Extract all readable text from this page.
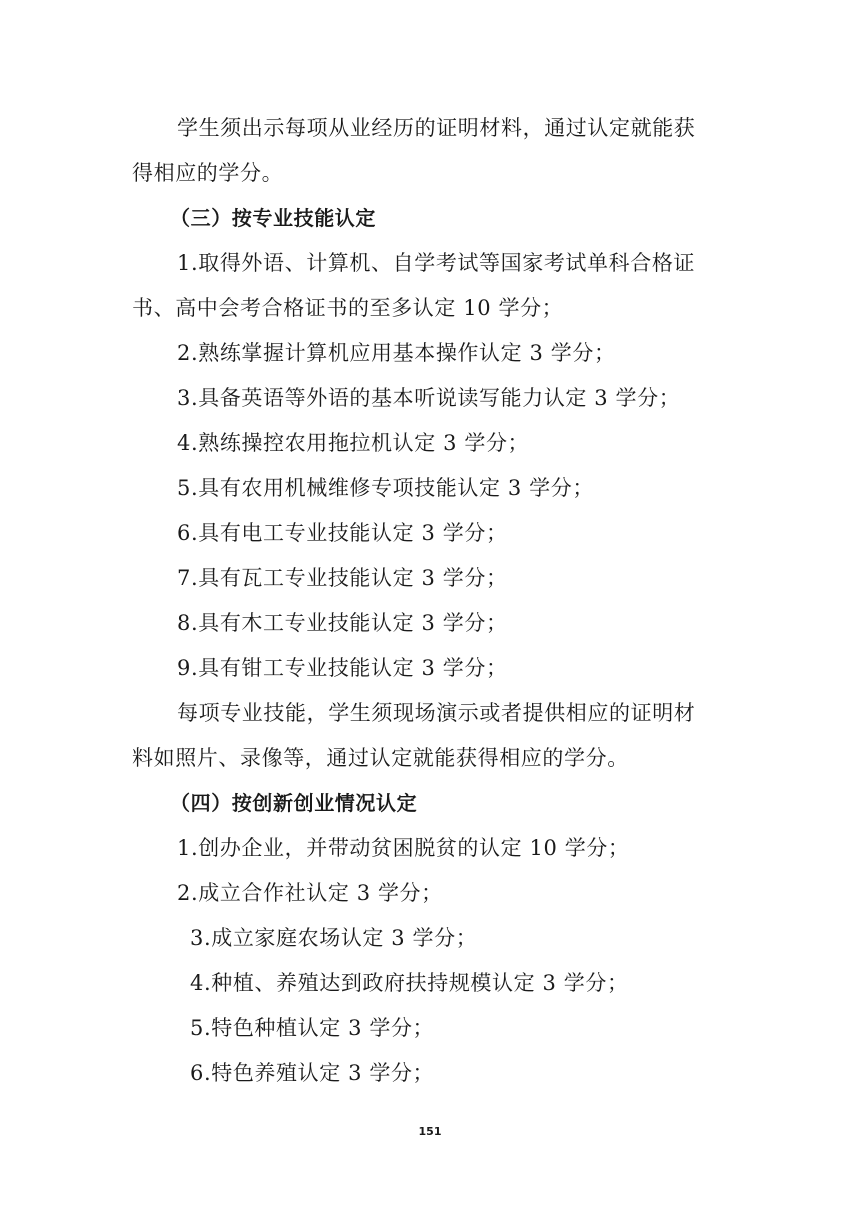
学生须出示每项从业经历的证明材料，通过认定就能获
得相应的学分。
（三）按专业技能认定
1.取得外语、计算机、自学考试等国家考试单科合格证
书、高中会考合格证书的至多认定 10 学分；
2.熟练掌握计算机应用基本操作认定 3 学分；
3.具备英语等外语的基本听说读写能力认定 3 学分；
4.熟练操控农用拖拉机认定 3 学分；
5.具有农用机械维修专项技能认定 3 学分；
6.具有电工专业技能认定 3 学分；
7.具有瓦工专业技能认定 3 学分；
8.具有木工专业技能认定 3 学分；
9.具有钳工专业技能认定 3 学分；
每项专业技能，学生须现场演示或者提供相应的证明材
料如照片、录像等，通过认定就能获得相应的学分。
（四）按创新创业情况认定
1.创办企业，并带动贫困脱贫的认定 10 学分；
2.成立合作社认定 3 学分；
3.成立家庭农场认定 3 学分；
4.种植、养殖达到政府扶持规模认定 3 学分；
5.特色种植认定 3 学分；
6.特色养殖认定 3 学分；
151
